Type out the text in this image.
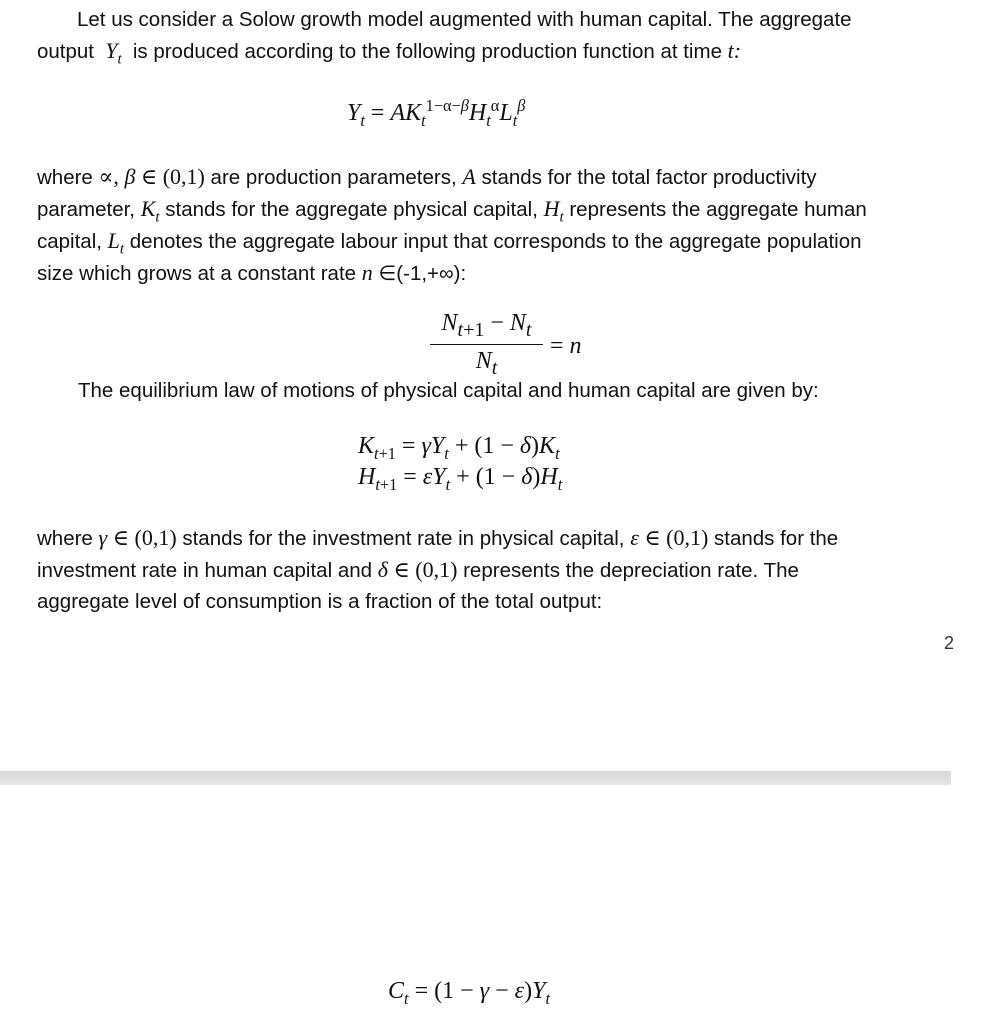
Let us consider a Solow growth model augmented with human capital. The aggregate
output  $Y_t$ is produced according to the following production function at time t:
$Y_t = AK_t^{1-\alpha-\beta}H_t^\alpha L_t^\beta$
where ∝, β ∈ (0,1) are production parameters, A stands for the total factor productivity
parameter, $K_t$ stands for the aggregate physical capital, $H_t$ represents the aggregate human
capital, $L_t$ denotes the aggregate labour input that corresponds to the aggregate population
size which grows at a constant rate n ∈(-1,+∞):
$N_{t+1} - N_t$
$N_t$
= n
The equilibrium law of motions of physical capital and human capital are given by:
$K_{t+1} = \gamma Y_t + (1 - \delta)K_t$
$H_{t+1} = \varepsilon Y_t + (1 - \delta)H_t$
where γ ∈ (0,1) stands for the investment rate in physical capital, ε ∈ (0,1) stands for the
investment rate in human capital and δ ∈ (0,1) represents the depreciation rate. The
aggregate level of consumption is a fraction of the total output:
2
$C_t = (1 - \gamma - \varepsilon)Y_t$
